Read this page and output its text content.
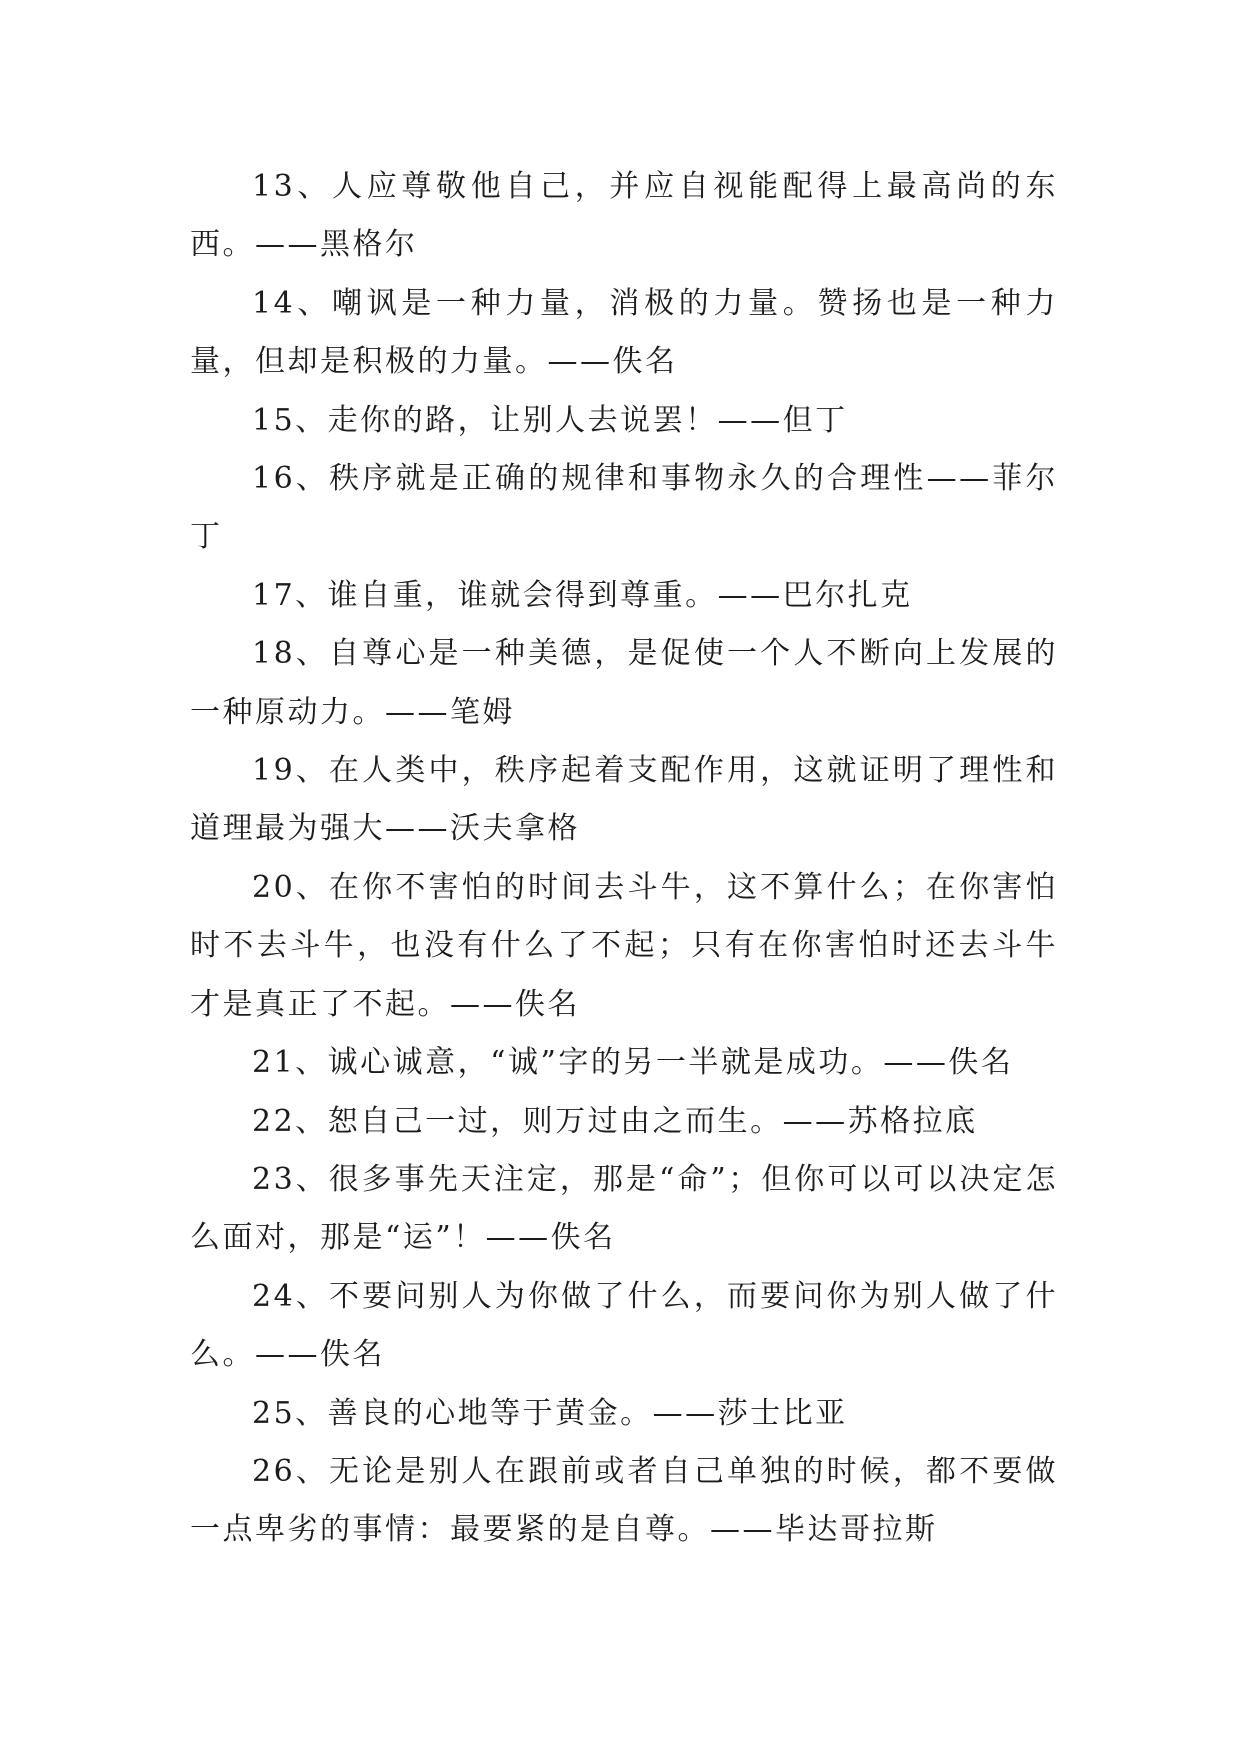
13、人应尊敬他自己，并应自视能配得上最高尚的东西。——黑格尔

14、嘲讽是一种力量，消极的力量。赞扬也是一种力量，但却是积极的力量。——佚名

15、走你的路，让别人去说罢！——但丁

16、秩序就是正确的规律和事物永久的合理性——菲尔丁

17、谁自重，谁就会得到尊重。——巴尔扎克

18、自尊心是一种美德，是促使一个人不断向上发展的一种原动力。——笔姆

19、在人类中，秩序起着支配作用，这就证明了理性和道理最为强大——沃夫拿格

20、在你不害怕的时间去斗牛，这不算什么；在你害怕时不去斗牛，也没有什么了不起；只有在你害怕时还去斗牛才是真正了不起。——佚名

21、诚心诚意，“诚”字的另一半就是成功。——佚名

22、恕自己一过，则万过由之而生。——苏格拉底

23、很多事先天注定，那是“命”；但你可以可以决定怎么面对，那是“运”！——佚名

24、不要问别人为你做了什么，而要问你为别人做了什么。——佚名

25、善良的心地等于黄金。——莎士比亚

26、无论是别人在跟前或者自己单独的时候，都不要做一点卑劣的事情：最要紧的是自尊。——毕达哥拉斯
